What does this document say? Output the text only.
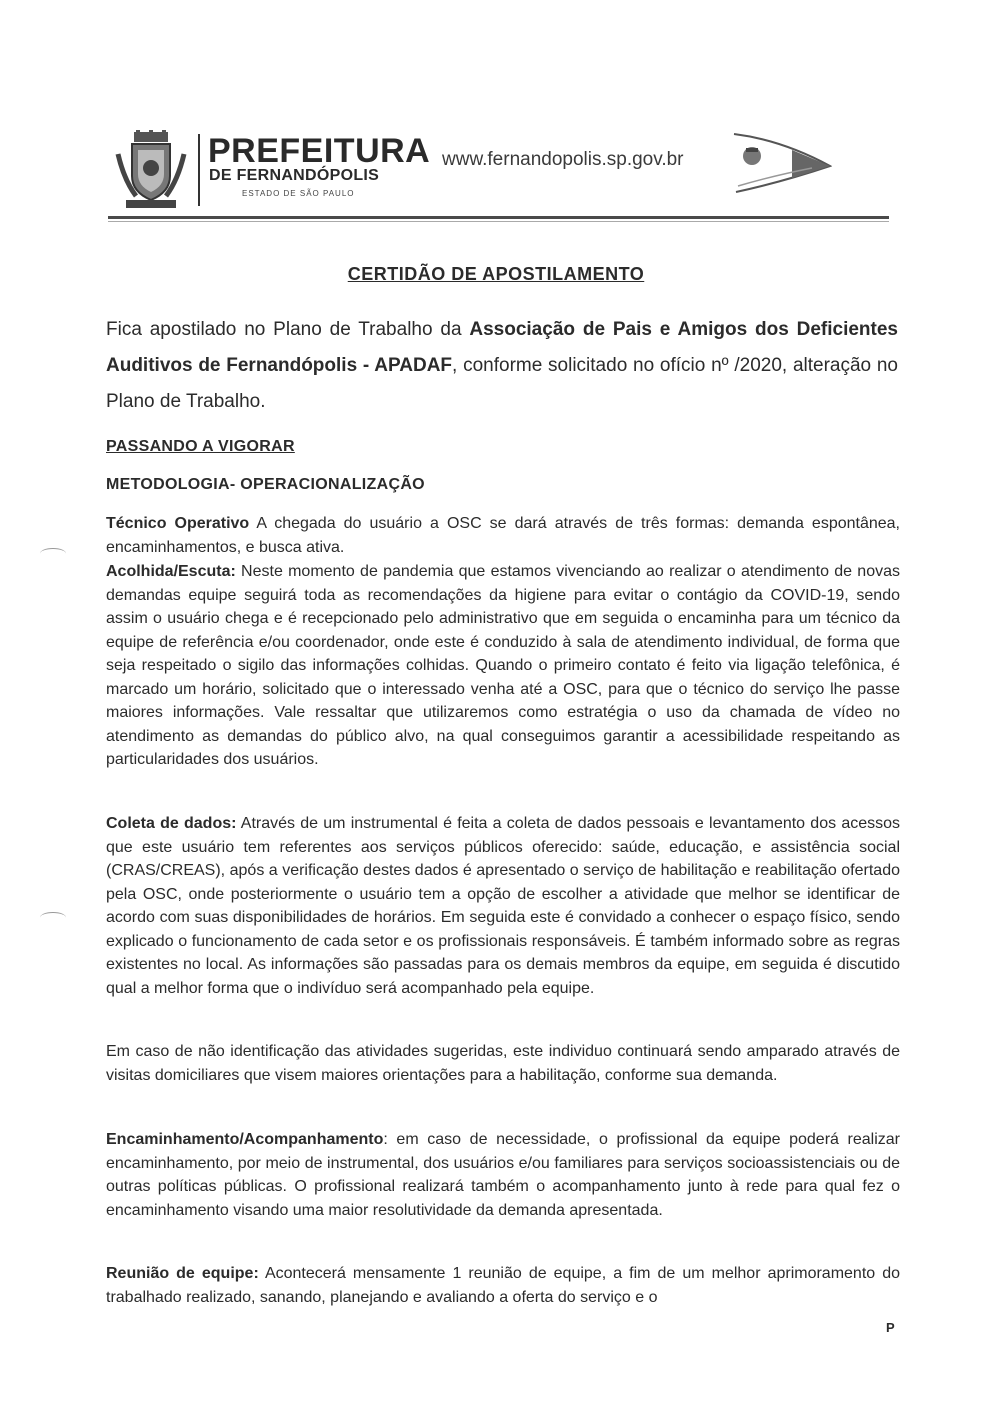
PREFEITURA
DE FERNANDÓPOLIS
ESTADO DE SÃO PAULO
www.fernandopolis.sp.gov.br
CERTIDÃO DE APOSTILAMENTO
Fica apostilado no Plano de Trabalho da Associação de Pais e Amigos dos Deficientes Auditivos de Fernandópolis - APADAF, conforme solicitado no ofício nº /2020, alteração no Plano de Trabalho.
PASSANDO A VIGORAR
METODOLOGIA- OPERACIONALIZAÇÃO
Técnico Operativo A chegada do usuário a OSC se dará através de três formas: demanda espontânea, encaminhamentos, e busca ativa.
Acolhida/Escuta: Neste momento de pandemia que estamos vivenciando ao realizar o atendimento de novas demandas equipe seguirá toda as recomendações da higiene para evitar o contágio da COVID-19, sendo assim o usuário chega e é recepcionado pelo administrativo que em seguida o encaminha para um técnico da equipe de referência e/ou coordenador, onde este é conduzido à sala de atendimento individual, de forma que seja respeitado o sigilo das informações colhidas. Quando o primeiro contato é feito via ligação telefônica, é marcado um horário, solicitado que o interessado venha até a OSC, para que o técnico do serviço lhe passe maiores informações. Vale ressaltar que utilizaremos como estratégia o uso da chamada de vídeo no atendimento as demandas do público alvo, na qual conseguimos garantir a acessibilidade respeitando as particularidades dos usuários.
Coleta de dados: Através de um instrumental é feita a coleta de dados pessoais e levantamento dos acessos que este usuário tem referentes aos serviços públicos oferecido: saúde, educação, e assistência social (CRAS/CREAS), após a verificação destes dados é apresentado o serviço de habilitação e reabilitação ofertado pela OSC, onde posteriormente o usuário tem a opção de escolher a atividade que melhor se identificar de acordo com suas disponibilidades de horários. Em seguida este é convidado a conhecer o espaço físico, sendo explicado o funcionamento de cada setor e os profissionais responsáveis. É também informado sobre as regras existentes no local. As informações são passadas para os demais membros da equipe, em seguida é discutido qual a melhor forma que o indivíduo será acompanhado pela equipe.
Em caso de não identificação das atividades sugeridas, este individuo continuará sendo amparado através de visitas domiciliares que visem maiores orientações para a habilitação, conforme sua demanda.
Encaminhamento/Acompanhamento: em caso de necessidade, o profissional da equipe poderá realizar encaminhamento, por meio de instrumental, dos usuários e/ou familiares para serviços socioassistenciais ou de outras políticas públicas. O profissional realizará também o acompanhamento junto à rede para qual fez o encaminhamento visando uma maior resolutividade da demanda apresentada.
Reunião de equipe: Acontecerá mensamente 1 reunião de equipe, a fim de um melhor aprimoramento do trabalhado realizado, sanando, planejando e avaliando a oferta do serviço e o
P
